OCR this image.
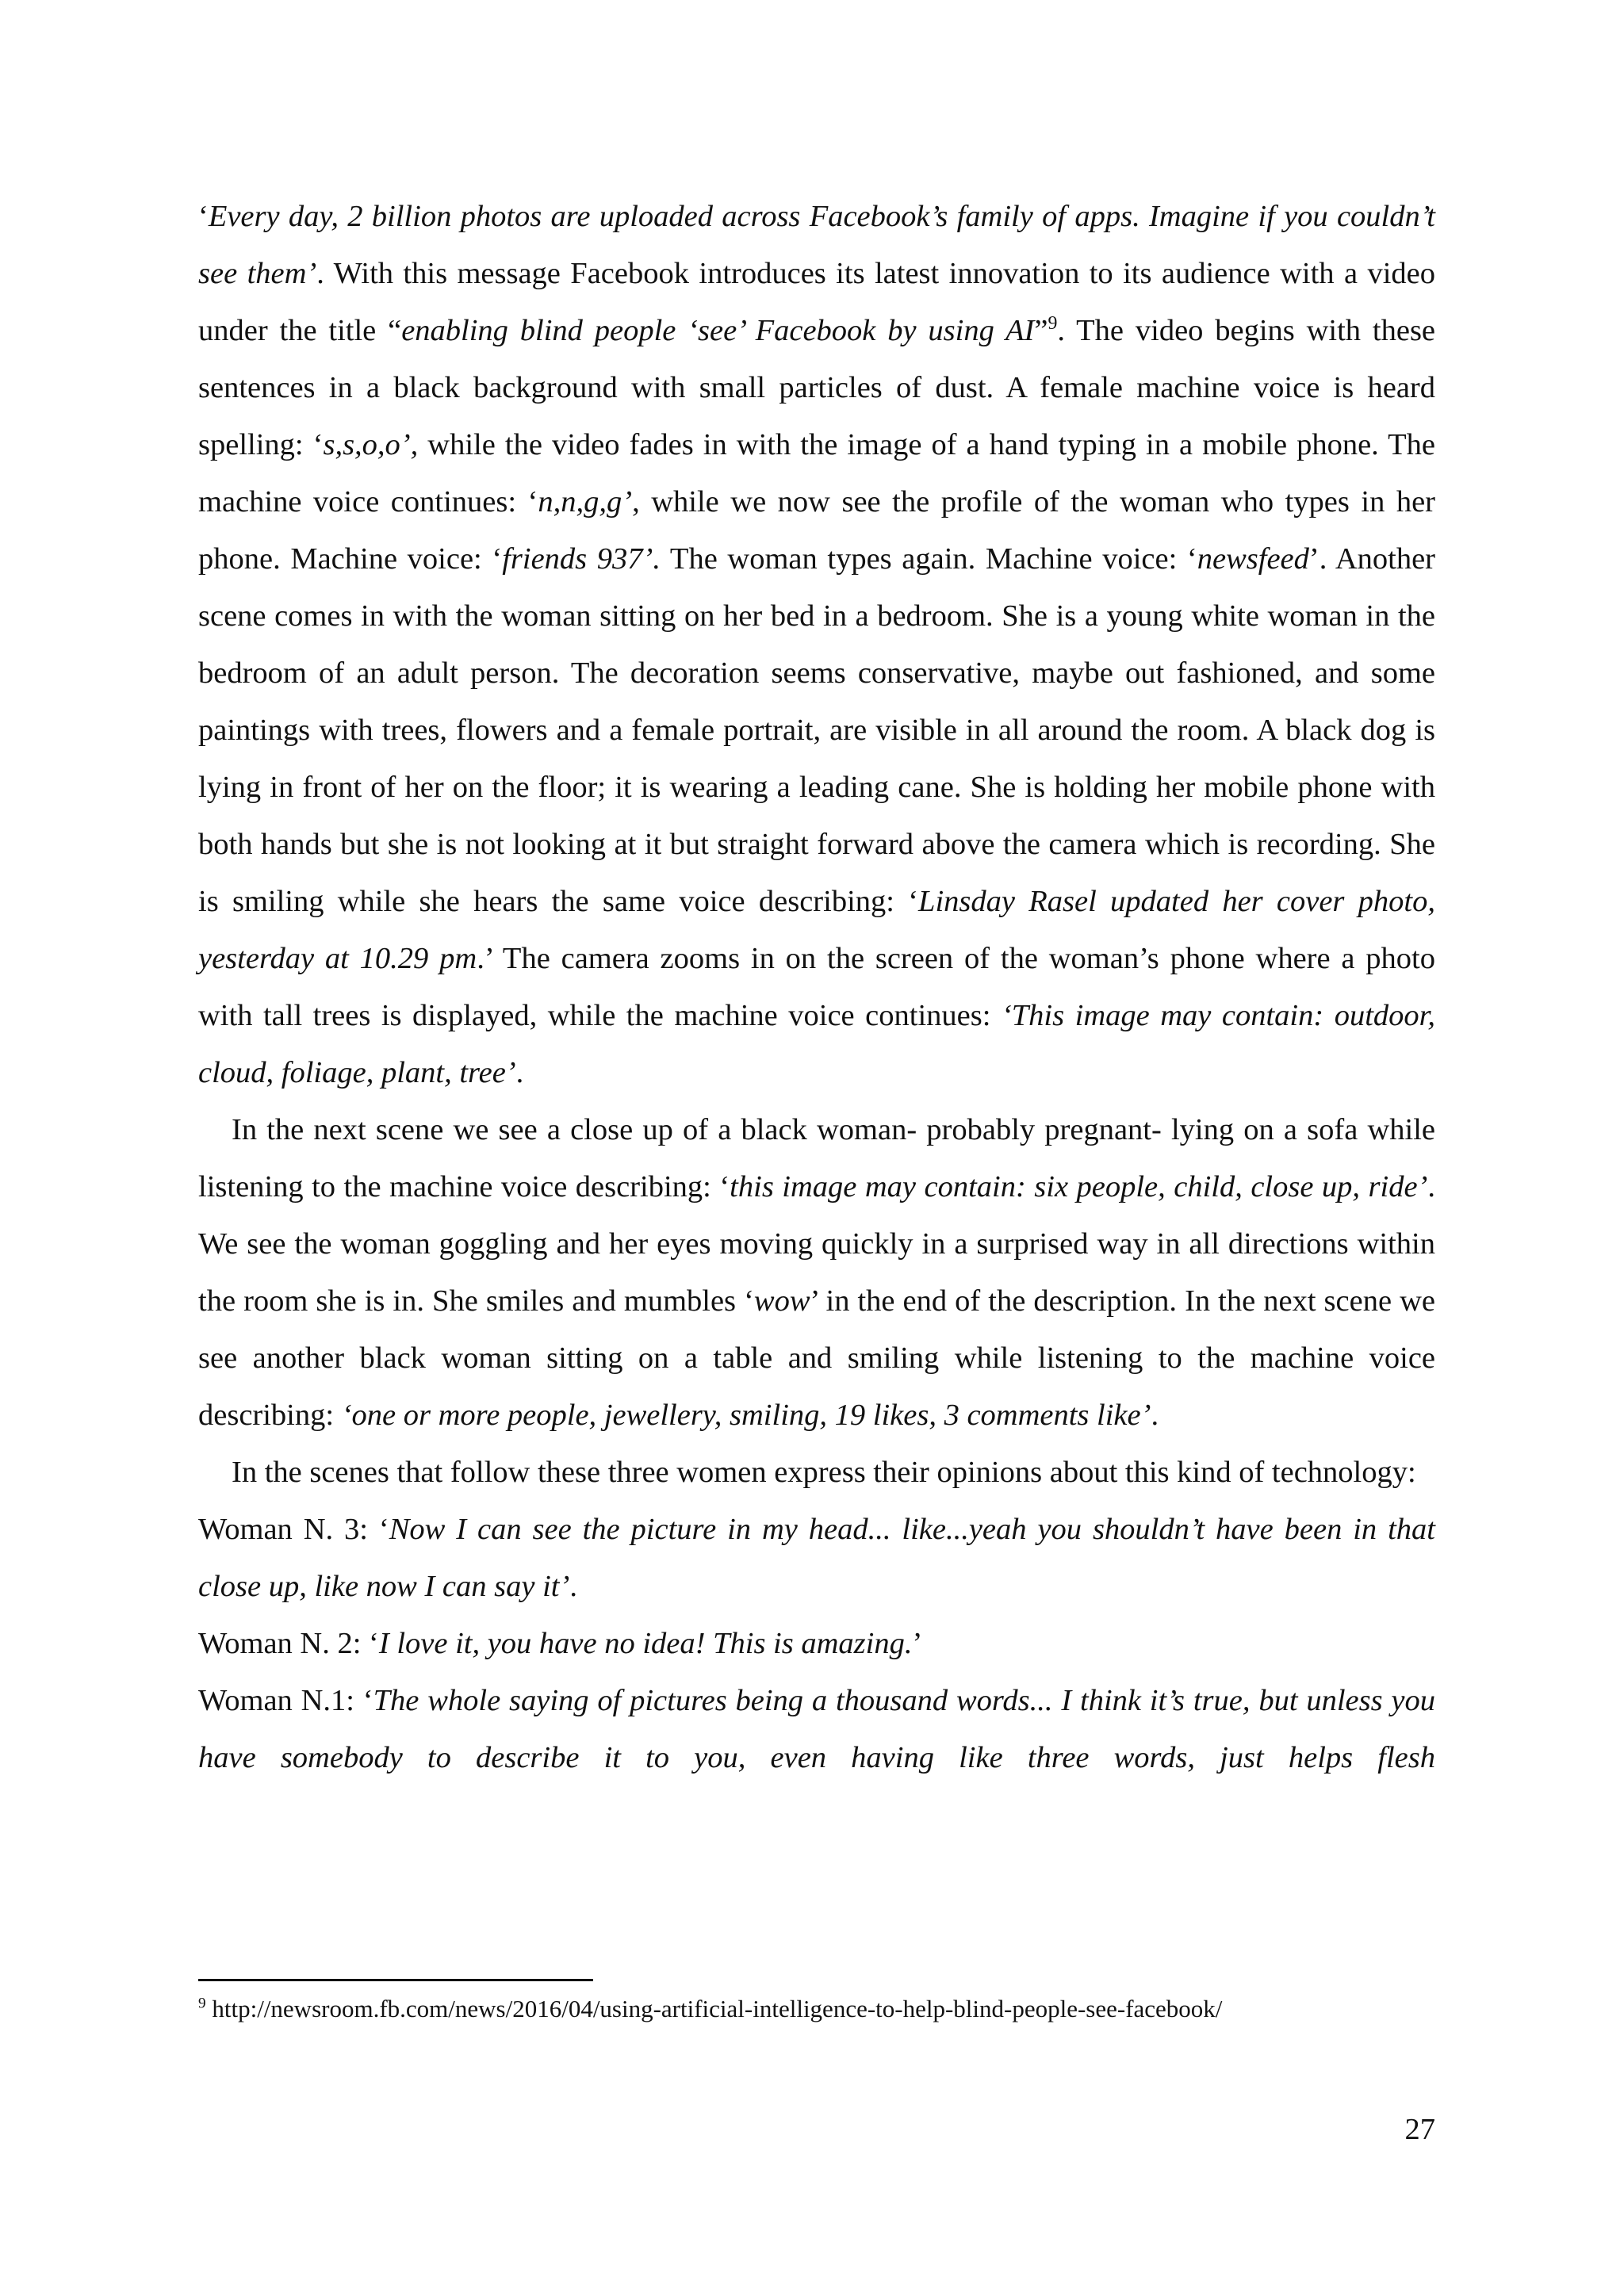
‘Every day, 2 billion photos are uploaded across Facebook’s family of apps. Imagine if you couldn’t see them’. With this message Facebook introduces its latest innovation to its audience with a video under the title “enabling blind people ‘see’ Facebook by using AI”$^9$. The video begins with these sentences in a black background with small particles of dust. A female machine voice is heard spelling: ‘s,s,o,o’, while the video fades in with the image of a hand typing in a mobile phone. The machine voice continues: ‘n,n,g,g’, while we now see the profile of the woman who types in her phone. Machine voice: ‘friends 937’. The woman types again. Machine voice: ‘newsfeed’. Another scene comes in with the woman sitting on her bed in a bedroom. She is a young white woman in the bedroom of an adult person. The decoration seems conservative, maybe out fashioned, and some paintings with trees, flowers and a female portrait, are visible in all around the room. A black dog is lying in front of her on the floor; it is wearing a leading cane. She is holding her mobile phone with both hands but she is not looking at it but straight forward above the camera which is recording. She is smiling while she hears the same voice describing: ‘Linsday Rasel updated her cover photo, yesterday at 10.29 pm.’ The camera zooms in on the screen of the woman’s phone where a photo with tall trees is displayed, while the machine voice continues: ‘This image may contain: outdoor, cloud, foliage, plant, tree’.

In the next scene we see a close up of a black woman- probably pregnant- lying on a sofa while listening to the machine voice describing: ‘this image may contain: six people, child, close up, ride’. We see the woman goggling and her eyes moving quickly in a surprised way in all directions within the room she is in. She smiles and mumbles ‘wow’ in the end of the description. In the next scene we see another black woman sitting on a table and smiling while listening to the machine voice describing: ‘one or more people, jewellery, smiling, 19 likes, 3 comments like’.

In the scenes that follow these three women express their opinions about this kind of technology:

Woman N. 3: ‘Now I can see the picture in my head... like...yeah you shouldn’t have been in that close up, like now I can say it’.

Woman N. 2: ‘I love it, you have no idea! This is amazing.’

Woman N.1: ‘The whole saying of pictures being a thousand words... I think it’s true, but unless you have somebody to describe it to you, even having like three words, just helps flesh

$^9$ http://newsroom.fb.com/news/2016/04/using-artificial-intelligence-to-help-blind-people-see-facebook/
27
